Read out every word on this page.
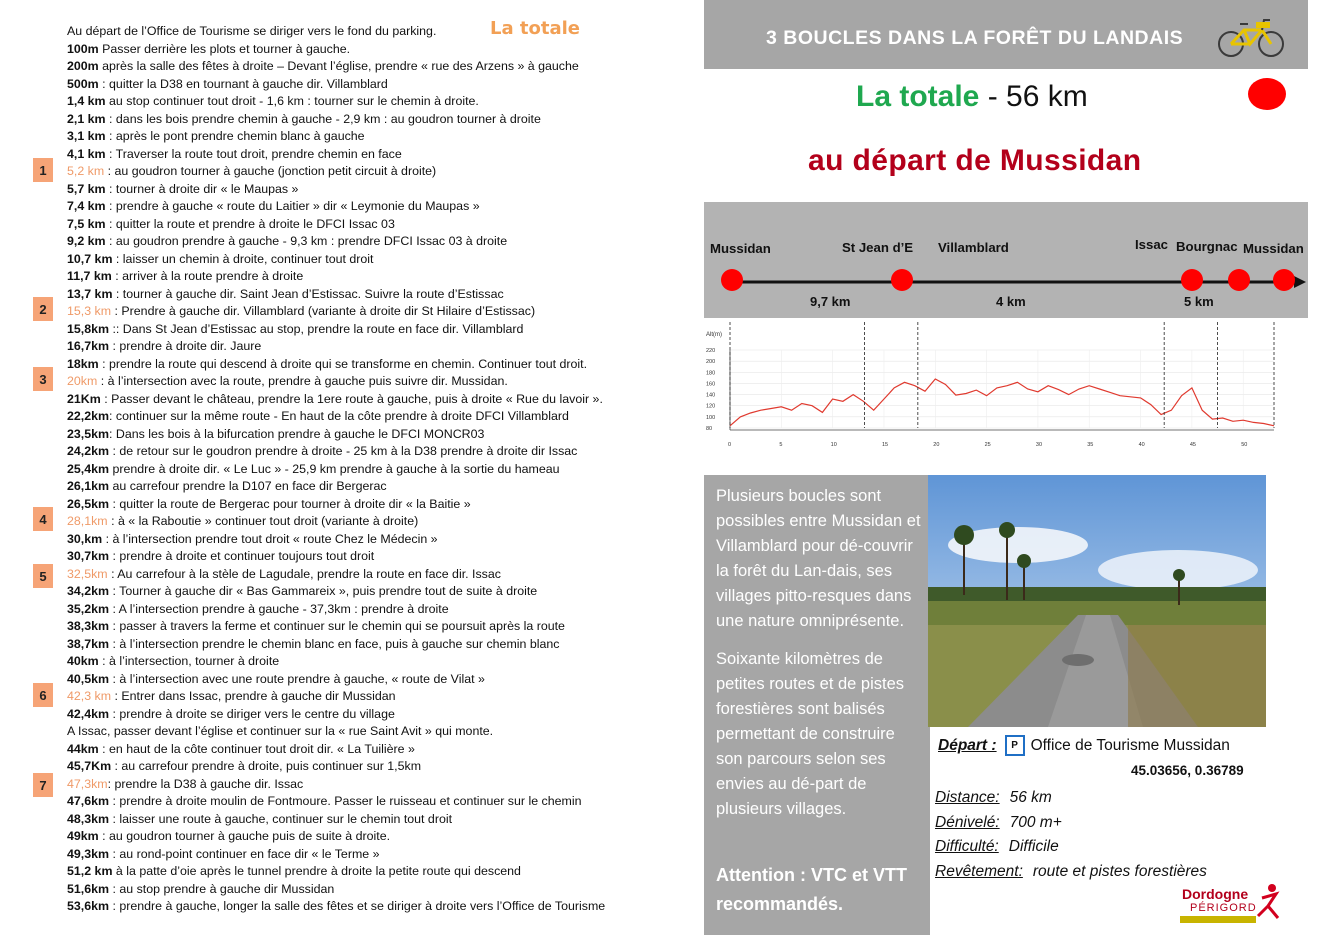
La totale
Au départ de l’Office de Tourisme se diriger vers le fond du parking.
100m Passer derrière les plots et tourner à gauche.
200m après la salle des fêtes à droite – Devant l’église, prendre « rue des Arzens » à gauche
500m : quitter la D38 en tournant à gauche dir. Villamblard
1,4 km au stop continuer tout droit - 1,6 km : tourner sur le chemin à droite.
2,1 km : dans les bois prendre chemin à gauche - 2,9 km : au goudron tourner à droite
3,1 km : après le pont prendre chemin blanc à gauche
4,1 km : Traverser la route tout droit, prendre chemin en face
5,2 km : au goudron tourner à gauche (jonction petit circuit à droite)
5,7 km : tourner à droite dir « le Maupas »
7,4 km : prendre à gauche « route du Laitier » dir « Leymonie du Maupas »
7,5 km : quitter la route et prendre à droite le DFCI Issac 03
9,2 km : au goudron prendre à gauche - 9,3 km : prendre DFCI Issac 03 à droite
10,7 km : laisser un chemin à droite, continuer tout droit
11,7 km : arriver à la route prendre à droite
13,7 km : tourner à gauche dir. Saint Jean d’Estissac. Suivre la route d’Estissac
15,3 km : Prendre à gauche dir. Villamblard (variante à droite dir St Hilaire d’Estissac)
15,8km :: Dans St Jean d’Estissac au stop, prendre la route en face dir. Villamblard
16,7km : prendre à droite dir. Jaure
18km : prendre la route qui descend à droite qui se transforme en chemin. Continuer tout droit.
20km : à l’intersection avec la route, prendre à gauche puis suivre dir. Mussidan.
21Km : Passer devant le château, prendre la 1ere route à gauche, puis à droite « Rue du lavoir ».
22,2km: continuer sur la même route - En haut de la côte prendre à droite DFCI Villamblard
23,5km: Dans les bois à la bifurcation prendre à gauche le DFCI MONCR03
24,2km : de retour sur le goudron prendre à droite - 25 km à la D38 prendre à droite dir Issac
25,4km prendre à droite dir. « Le Luc » - 25,9 km prendre à gauche à la sortie du hameau
26,1km au carrefour prendre la D107 en face dir Bergerac
26,5km : quitter la route de Bergerac pour tourner à droite dir « la Baitie »
28,1km : à « la Raboutie » continuer tout droit (variante à droite)
30,km : à l’intersection prendre tout droit « route Chez le Médecin »
30,7km : prendre à droite et continuer toujours tout droit
32,5km : Au carrefour à la stèle de Lagudale, prendre la route en face dir. Issac
34,2km : Tourner à gauche dir « Bas Gammareix », puis prendre tout de suite à droite
35,2km : A l’intersection prendre à gauche - 37,3km : prendre à droite
38,3km : passer à travers la ferme et continuer sur le chemin qui se poursuit après la route
38,7km : à l’intersection prendre le chemin blanc en face, puis à gauche sur chemin blanc
40km : à l’intersection, tourner à droite
40,5km : à l’intersection avec une route prendre à gauche, « route de Vilat »
42,3 km : Entrer dans Issac, prendre à gauche dir Mussidan
42,4km : prendre à droite se diriger vers le centre du village
A Issac, passer devant l’église et continuer sur la « rue Saint Avit » qui monte.
44km : en haut de la côte continuer tout droit dir. « La Tuilière »
45,7Km : au carrefour prendre à droite, puis continuer sur 1,5km
47,3km: prendre la D38 à gauche dir. Issac
47,6km : prendre à droite moulin de Fontmoure. Passer le ruisseau et continuer sur le chemin
48,3km : laisser une route à gauche, continuer sur le chemin tout droit
49km : au goudron tourner à gauche puis de suite à droite.
49,3km : au rond-point continuer en face dir « le Terme »
51,2 km à la patte d’oie après le tunnel prendre à droite la petite route qui descend
51,6km : au stop prendre à gauche dir Mussidan
53,6km : prendre à gauche, longer la salle des fêtes et se diriger à droite vers l’Office de Tourisme
1
2
3
4
5
6
7
3 BOUCLES DANS LA FORÊT DU LANDAIS
La totale - 56 km
au départ de Mussidan
Mussidan	St Jean d’E Villamblard	Issac Bourgnac Mussidan
9,7 km	4 km	5 km
Alt(m)
220
200
180
160
140
120
100
80
0	5	10	15	20	25	30	35	40	45	50
Plusieurs boucles sont possibles entre Mussidan et Villamblard pour dé-couvrir la forêt du Lan-dais, ses villages pitto-resques dans une nature omniprésente.
Soixante kilomètres de petites routes et de pistes forestières sont balisés permettant de construire son parcours selon ses envies au dé-part de plusieurs villages.
Attention : VTC et VTT recommandés.
Départ :	P Office de Tourisme Mussidan
45.03656, 0.36789
Distance: 56 km
Dénivelé: 700 m+
Difficulté: Difficile
Revêtement: route et pistes forestières
Dordogne
PÉRIGORD
